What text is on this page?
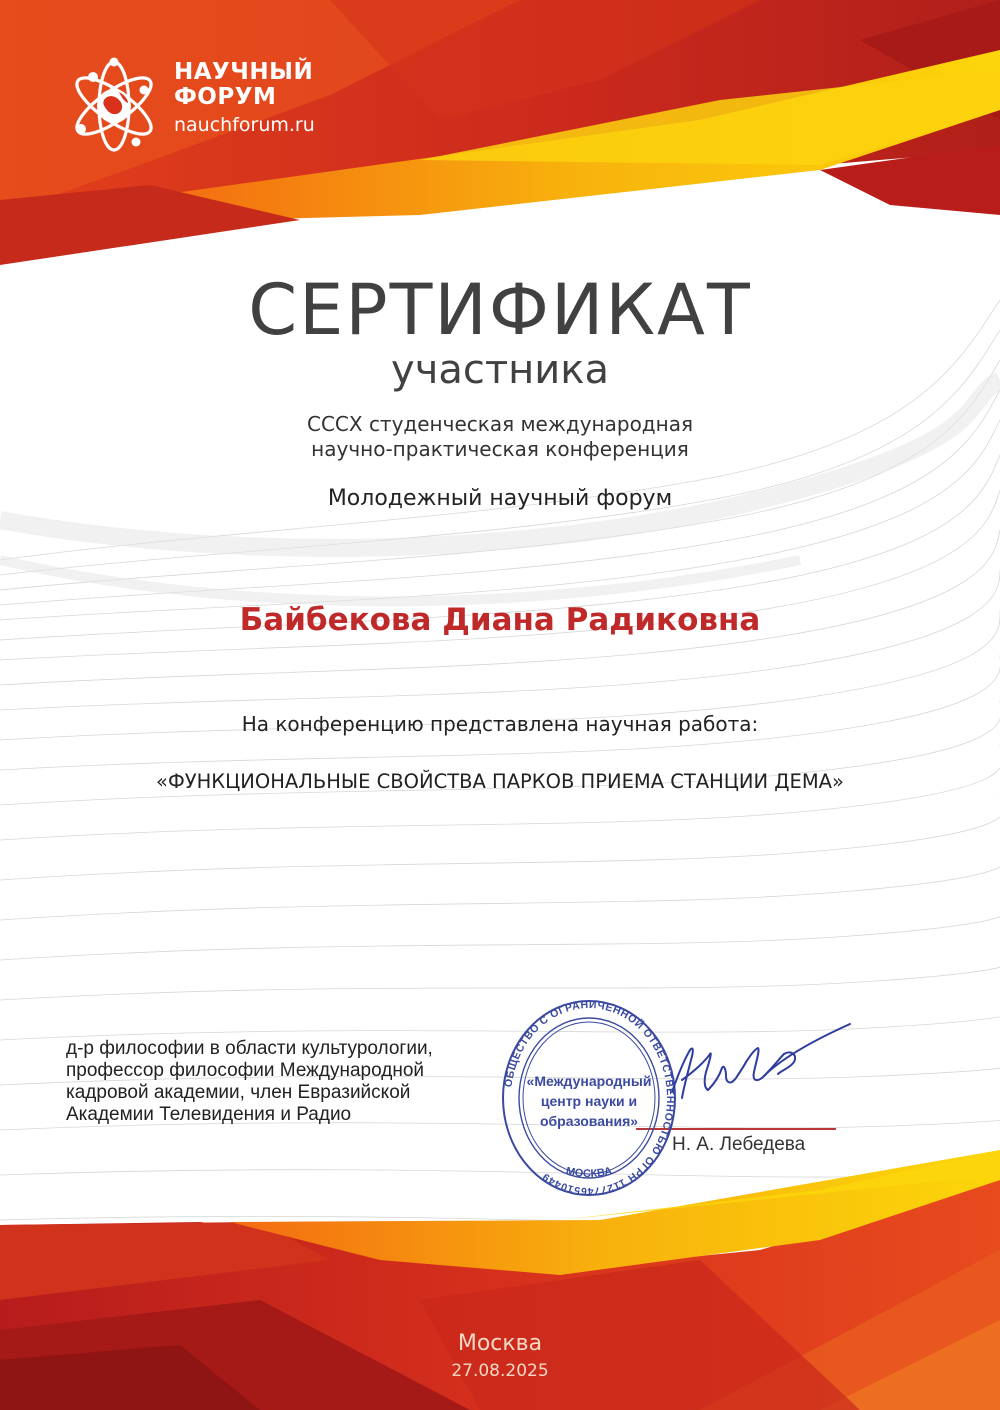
НАУЧНЫЙ
ФОРУМ
nauchforum.ru
СЕРТИФИКАТ
участника
СССХ студенческая международная
научно-практическая конференция
Молодежный научный форум
Байбекова Диана Радиковна
На конференцию представлена научная работа:
«ФУНКЦИОНАЛЬНЫЕ СВОЙСТВА ПАРКОВ ПРИЕМА СТАНЦИИ ДЕМА»
д-р философии в области культурологии,
профессор философии Международной
кадровой академии, член Евразийской
Академии Телевидения и Радио
Н. А. Лебедева
ОБЩЕСТВО С ОГРАНИЧЕННОЙ ОТВЕТСТВЕННОСТЬЮ ОГРН 1127746510449	МОСКВА
«Международный
центр науки и
образования»
Москва
27.08.2025
